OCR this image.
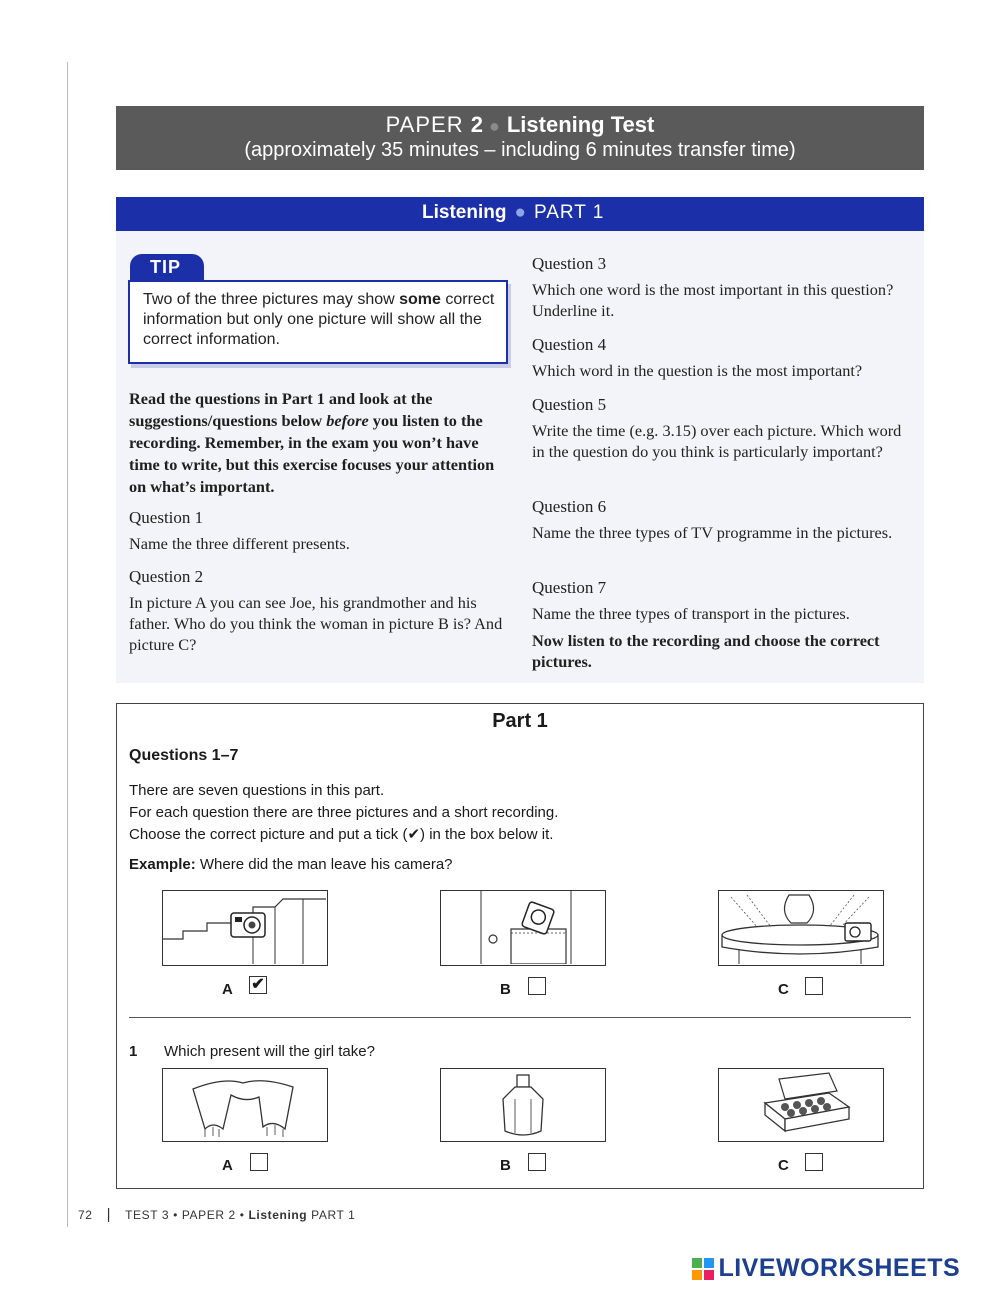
PAPER 2 ● Listening Test
(approximately 35 minutes – including 6 minutes transfer time)
Listening ● PART 1
TIP
Two of the three pictures may show some correct information but only one picture will show all the correct information.
Read the questions in Part 1 and look at the suggestions/questions below before you listen to the recording. Remember, in the exam you won’t have time to write, but this exercise focuses your attention on what’s important.
Question 1
Name the three different presents.
Question 2
In picture A you can see Joe, his grandmother and his father. Who do you think the woman in picture B is? And picture C?
Question 3
Which one word is the most important in this question? Underline it.
Question 4
Which word in the question is the most important?
Question 5
Write the time (e.g. 3.15) over each picture. Which word in the question do you think is particularly important?
Question 6
Name the three types of TV programme in the pictures.
Question 7
Name the three types of transport in the pictures.
Now listen to the recording and choose the correct pictures.
Part 1
Questions 1–7
There are seven questions in this part.
For each question there are three pictures and a short recording.
Choose the correct picture and put a tick (✔) in the box below it.
Example: Where did the man leave his camera?
A ✔	B	C
1 Which present will the girl take?
A	B	C
72 | TEST 3 • PAPER 2 • Listening PART 1
LIVEWORKSHEETS
